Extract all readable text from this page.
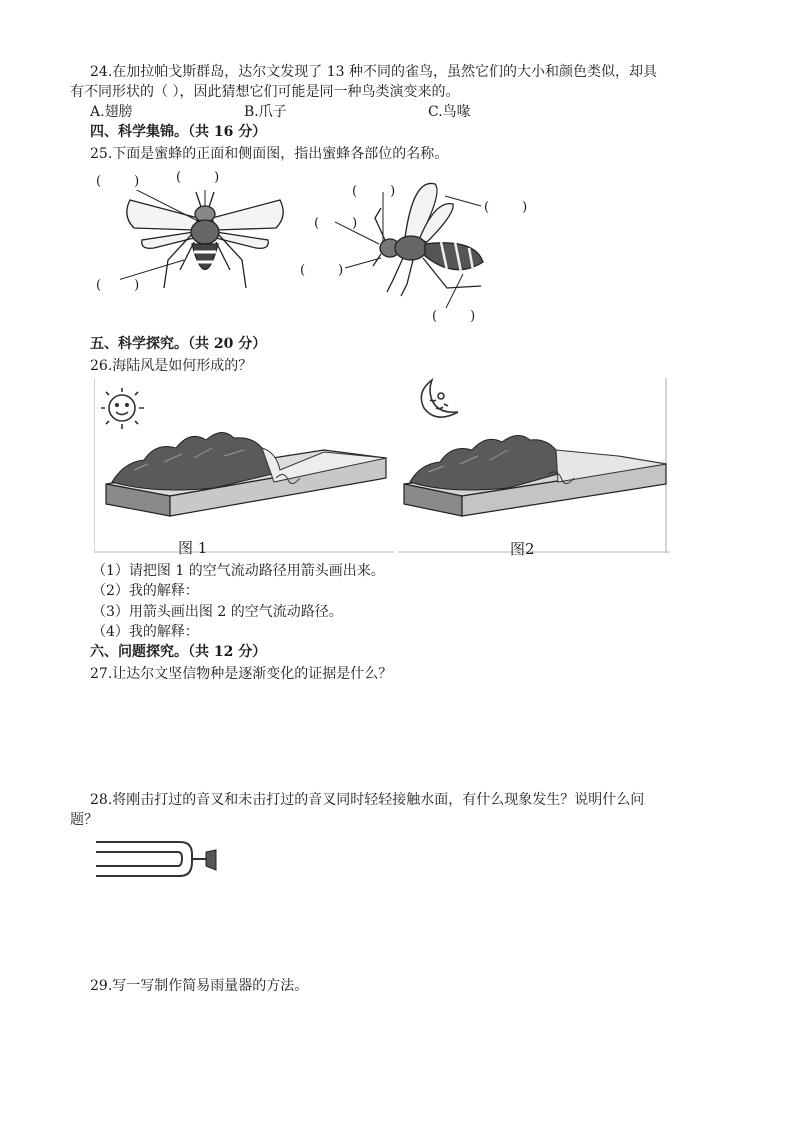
24.在加拉帕戈斯群岛，达尔文发现了 13 种不同的雀鸟，虽然它们的大小和颜色类似，却具
有不同形状的（ ），因此猜想它们可能是同一种鸟类演变来的。
A.翅膀	B.爪子	C.鸟喙
四、科学集锦。（共 16 分）
25.下面是蜜蜂的正面和侧面图，指出蜜蜂各部位的名称。
(        )	(        )
(        )
(        )
(        )
(        )
(        )
(        )
五、科学探究。（共 20 分）
26.海陆风是如何形成的？
图 1	图2
（1）请把图 1 的空气流动路径用箭头画出来。
（2）我的解释：
（3）用箭头画出图 2 的空气流动路径。
（4）我的解释：
六、问题探究。（共 12 分）
27.让达尔文坚信物种是逐渐变化的证据是什么？
28.将刚击打过的音叉和未击打过的音叉同时轻轻接触水面，有什么现象发生？说明什么问
题？
29.写一写制作简易雨量器的方法。
